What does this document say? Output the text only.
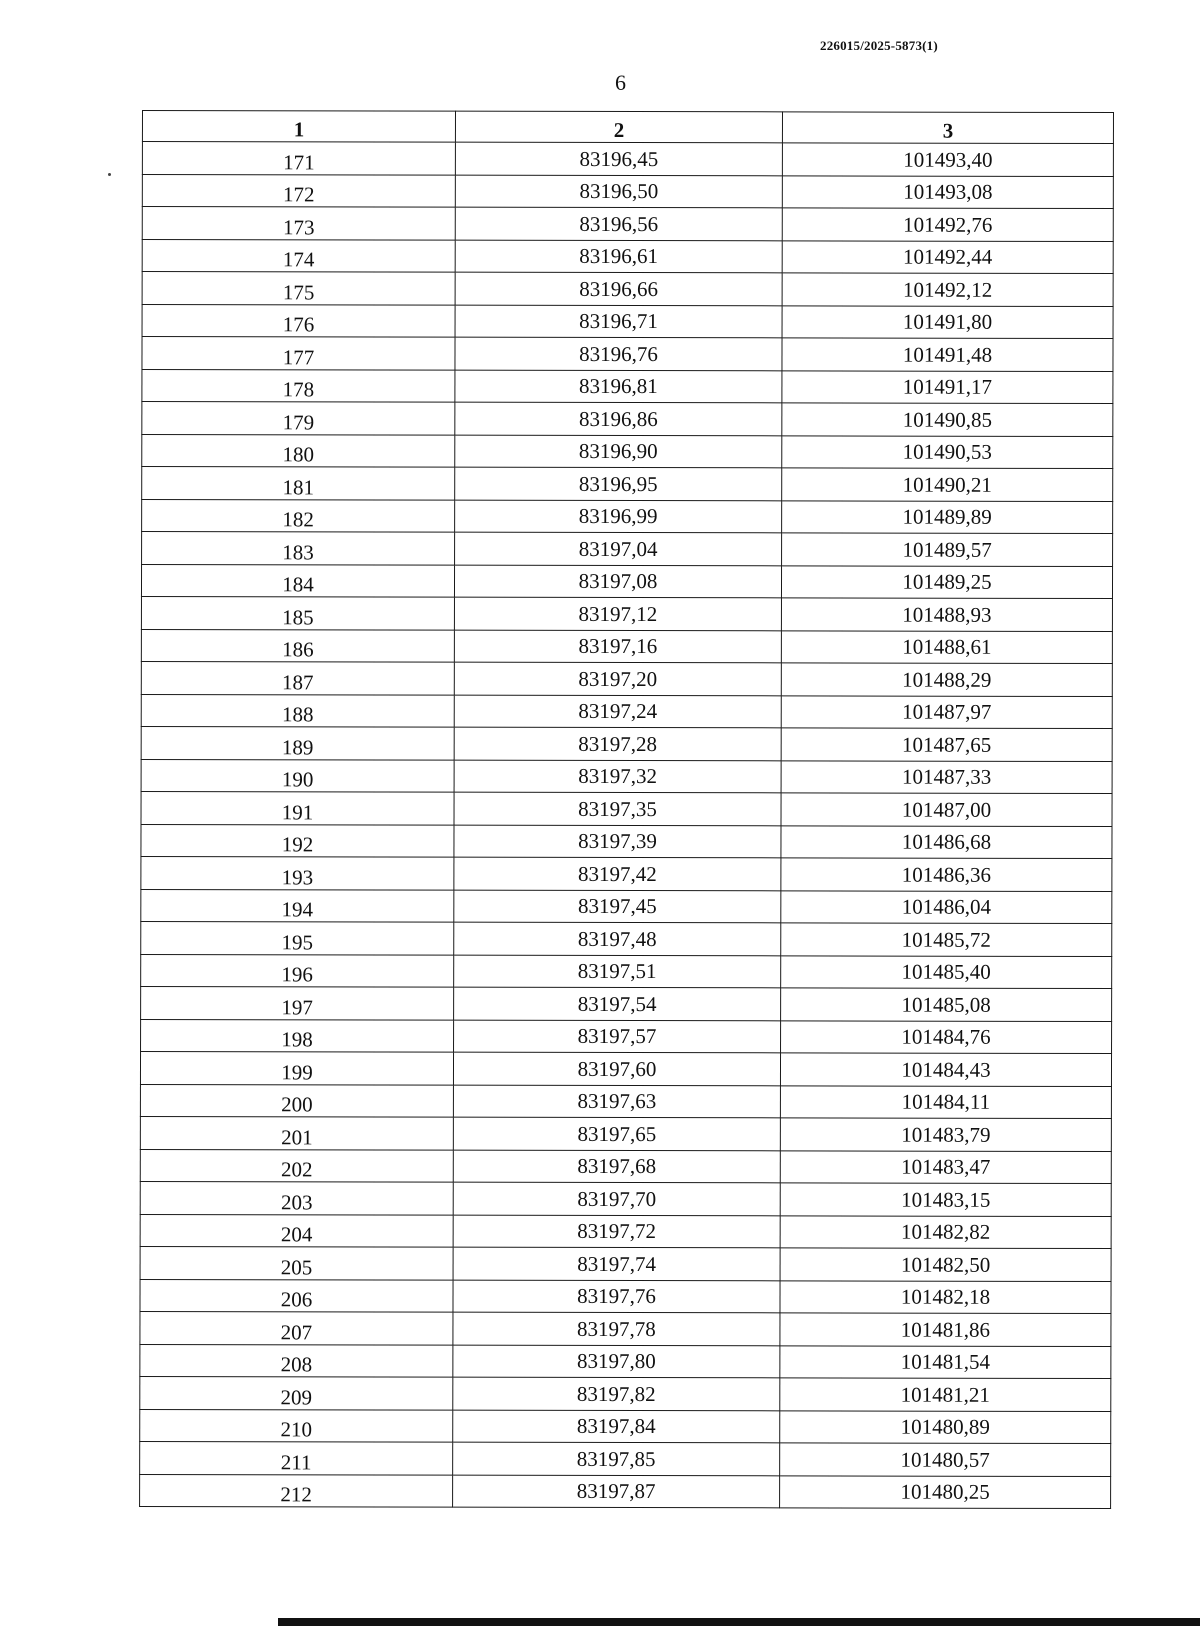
226015/2025-5873(1)
6
1	2	3
171	83196,45	101493,40
172	83196,50	101493,08
173	83196,56	101492,76
174	83196,61	101492,44
175	83196,66	101492,12
176	83196,71	101491,80
177	83196,76	101491,48
178	83196,81	101491,17
179	83196,86	101490,85
180	83196,90	101490,53
181	83196,95	101490,21
182	83196,99	101489,89
183	83197,04	101489,57
184	83197,08	101489,25
185	83197,12	101488,93
186	83197,16	101488,61
187	83197,20	101488,29
188	83197,24	101487,97
189	83197,28	101487,65
190	83197,32	101487,33
191	83197,35	101487,00
192	83197,39	101486,68
193	83197,42	101486,36
194	83197,45	101486,04
195	83197,48	101485,72
196	83197,51	101485,40
197	83197,54	101485,08
198	83197,57	101484,76
199	83197,60	101484,43
200	83197,63	101484,11
201	83197,65	101483,79
202	83197,68	101483,47
203	83197,70	101483,15
204	83197,72	101482,82
205	83197,74	101482,50
206	83197,76	101482,18
207	83197,78	101481,86
208	83197,80	101481,54
209	83197,82	101481,21
210	83197,84	101480,89
211	83197,85	101480,57
212	83197,87	101480,25
